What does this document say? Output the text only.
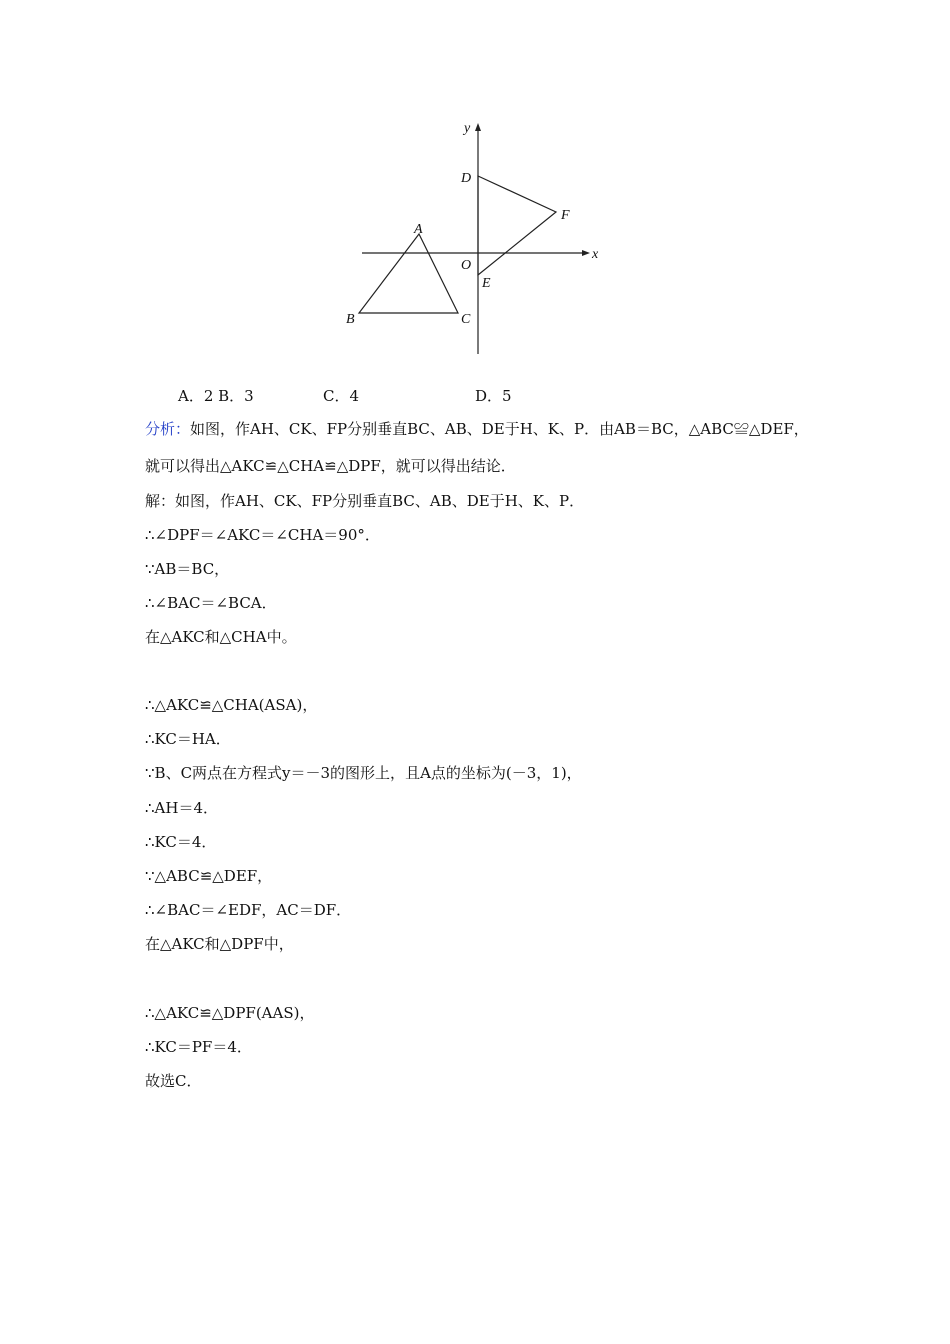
y
x
D
F
A
O
E
B	C
A．2 B．3	C．4	D．5
分析：如图，作AH、CK、FP分别垂直BC、AB、DE于H、K、P．由AB＝BC，△ABC≌△DEF，
就可以得出△AKC≌△CHA≌△DPF，就可以得出结论．
解：如图，作AH、CK、FP分别垂直BC、AB、DE于H、K、P．
∴∠DPF＝∠AKC＝∠CHA＝90°．
∵AB＝BC，
∴∠BAC＝∠BCA．
在△AKC和△CHA中。
∴△AKC≌△CHA(ASA)，
∴KC＝HA．
∵B、C两点在方程式y＝－3的图形上，且A点的坐标为(－3，1)，
∴AH＝4．
∴KC＝4．
∵△ABC≌△DEF，
∴∠BAC＝∠EDF，AC＝DF．
在△AKC和△DPF中，
∴△AKC≌△DPF(AAS)，
∴KC＝PF＝4．
故选C．
